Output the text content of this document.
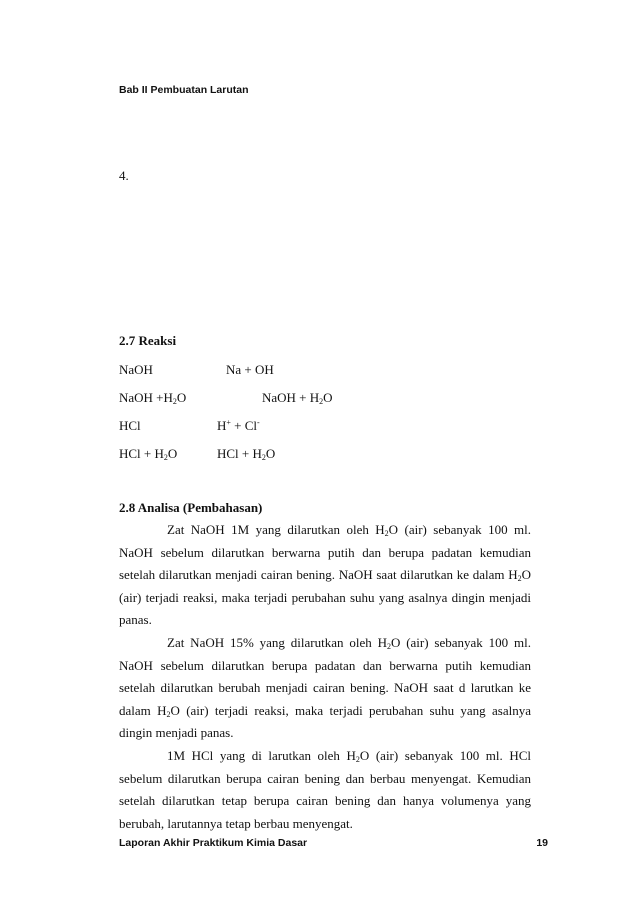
Bab II Pembuatan Larutan
4.
2.7 Reaksi
NaOH	Na + OH
NaOH $+H_2O$	NaOH + $H_2O$
HCl	H+ + Cl-
HCl + $H_2O$	HCl + $H_2O$
2.8 Analisa (Pembahasan)

Zat NaOH 1M yang dilarutkan oleh $H_2O$ (air) sebanyak 100 ml. NaOH sebelum dilarutkan berwarna putih dan berupa padatan kemudian setelah dilarutkan menjadi cairan bening. NaOH saat dilarutkan ke dalam $H_2O$ (air) terjadi reaksi, maka terjadi perubahan suhu yang asalnya dingin menjadi panas.

Zat NaOH 15% yang dilarutkan oleh $H_2O$ (air) sebanyak 100 ml. NaOH sebelum dilarutkan berupa padatan dan berwarna putih kemudian setelah dilarutkan berubah menjadi cairan bening. NaOH saat d larutkan ke dalam $H_2O$ (air) terjadi reaksi, maka terjadi perubahan suhu yang asalnya dingin menjadi panas.

1M HCl yang di larutkan oleh $H_2O$ (air) sebanyak 100 ml. HCl sebelum dilarutkan berupa cairan bening dan berbau menyengat. Kemudian setelah dilarutkan tetap berupa cairan bening dan hanya volumenya yang berubah, larutannya tetap berbau menyengat.

Laporan Akhir Praktikum Kimia Dasar	19
